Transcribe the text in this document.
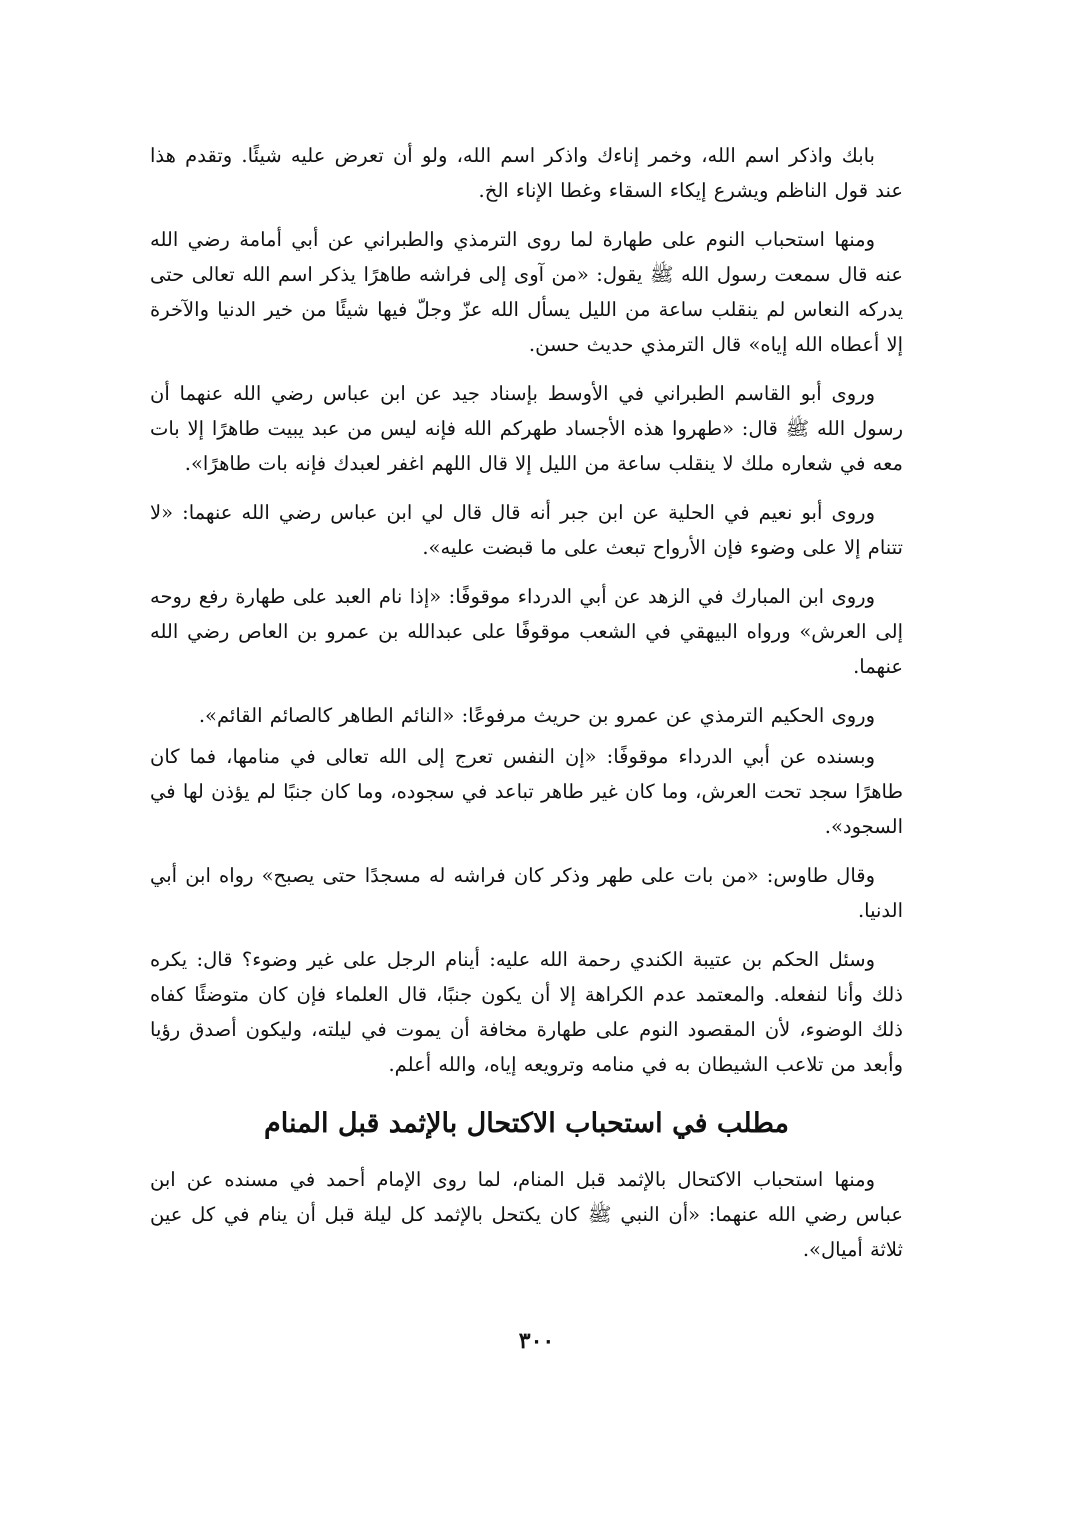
بابك واذكر اسم الله، وخمر إناءك واذكر اسم الله، ولو أن تعرض عليه شيئًا. وتقدم هذا عند قول الناظم ويشرع إيكاء السقاء وغطا الإناء الخ.

ومنها استحباب النوم على طهارة لما روى الترمذي والطبراني عن أبي أمامة رضي الله عنه قال سمعت رسول الله ﷺ يقول: «من آوى إلى فراشه طاهرًا يذكر اسم الله تعالى حتى يدركه النعاس لم ينقلب ساعة من الليل يسأل الله عزّ وجلّ فيها شيئًا من خير الدنيا والآخرة إلا أعطاه الله إياه» قال الترمذي حديث حسن.

وروى أبو القاسم الطبراني في الأوسط بإسناد جيد عن ابن عباس رضي الله عنهما أن رسول الله ﷺ قال: «طهروا هذه الأجساد طهركم الله فإنه ليس من عبد يبيت طاهرًا إلا بات معه في شعاره ملك لا ينقلب ساعة من الليل إلا قال اللهم اغفر لعبدك فإنه بات طاهرًا».

وروى أبو نعيم في الحلية عن ابن جبر أنه قال قال لي ابن عباس رضي الله عنهما: «لا تتنام إلا على وضوء فإن الأرواح تبعث على ما قبضت عليه».

وروى ابن المبارك في الزهد عن أبي الدرداء موقوفًا: «إذا نام العبد على طهارة رفع روحه إلى العرش» ورواه البيهقي في الشعب موقوفًا على عبدالله بن عمرو بن العاص رضي الله عنهما.

وروى الحكيم الترمذي عن عمرو بن حريث مرفوعًا: «النائم الطاهر كالصائم القائم».

وبسنده عن أبي الدرداء موقوفًا: «إن النفس تعرج إلى الله تعالى في منامها، فما كان طاهرًا سجد تحت العرش، وما كان غير طاهر تباعد في سجوده، وما كان جنبًا لم يؤذن لها في السجود».

وقال طاوس: «من بات على طهر وذكر كان فراشه له مسجدًا حتى يصبح» رواه ابن أبي الدنيا.

وسئل الحكم بن عتيبة الكندي رحمة الله عليه: أينام الرجل على غير وضوء؟ قال: يكره ذلك وأنا لنفعله. والمعتمد عدم الكراهة إلا أن يكون جنبًا، قال العلماء فإن كان متوضئًا كفاه ذلك الوضوء، لأن المقصود النوم على طهارة مخافة أن يموت في ليلته، وليكون أصدق رؤيا وأبعد من تلاعب الشيطان به في منامه وترويعه إياه، والله أعلم.

مطلب في استحباب الاكتحال بالإثمد قبل المنام

ومنها استحباب الاكتحال بالإثمد قبل المنام، لما روى الإمام أحمد في مسنده عن ابن عباس رضي الله عنهما: «أن النبي ﷺ كان يكتحل بالإثمد كل ليلة قبل أن ينام في كل عين ثلاثة أميال».

٣٠٠
